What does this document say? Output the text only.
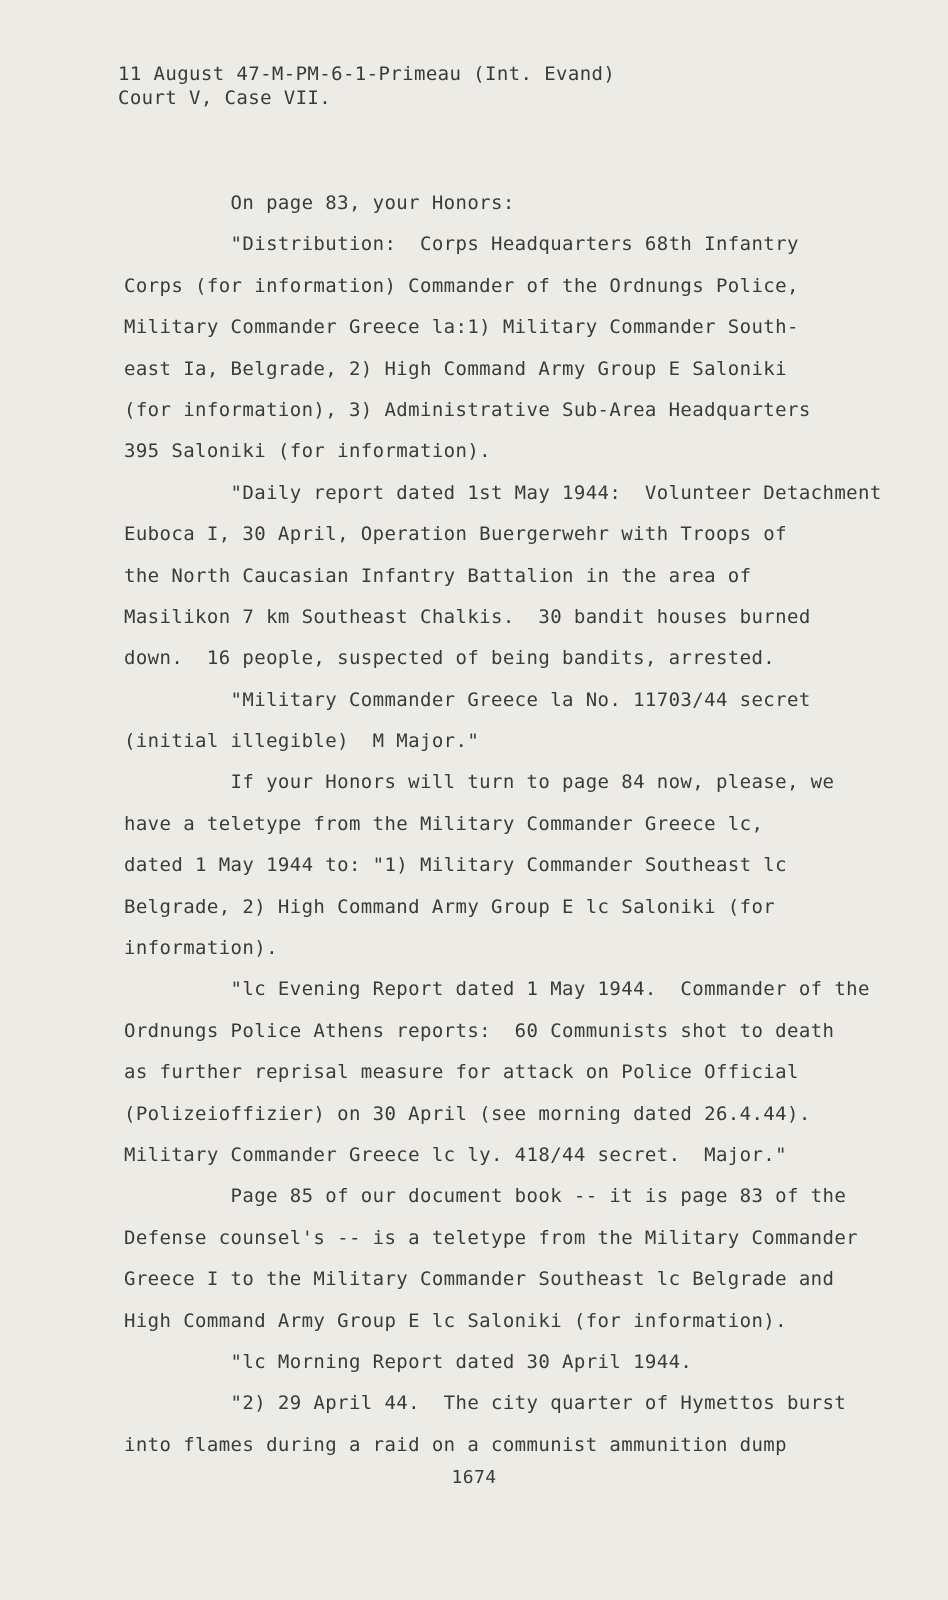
11 August 47-M-PM-6-1-Primeau (Int. Evand)
Court V, Case VII.
On page 83, your Honors:
"Distribution:  Corps Headquarters 68th Infantry
Corps (for information) Commander of the Ordnungs Police,
Military Commander Greece la:1) Military Commander South-
east Ia, Belgrade, 2) High Command Army Group E Saloniki
(for information), 3) Administrative Sub-Area Headquarters
395 Saloniki (for information).
"Daily report dated 1st May 1944:  Volunteer Detachment
Euboca I, 30 April, Operation Buergerwehr with Troops of
the North Caucasian Infantry Battalion in the area of
Masilikon 7 km Southeast Chalkis.  30 bandit houses burned
down.  16 people, suspected of being bandits, arrested.
"Military Commander Greece la No. 11703/44 secret
(initial illegible)  M Major."
If your Honors will turn to page 84 now, please, we
have a teletype from the Military Commander Greece lc,
dated 1 May 1944 to: "1) Military Commander Southeast lc
Belgrade, 2) High Command Army Group E lc Saloniki (for
information).
"lc Evening Report dated 1 May 1944.  Commander of the
Ordnungs Police Athens reports:  60 Communists shot to death
as further reprisal measure for attack on Police Official
(Polizeioffizier) on 30 April (see morning dated 26.4.44).
Military Commander Greece lc ly. 418/44 secret.  Major."
Page 85 of our document book -- it is page 83 of the
Defense counsel's -- is a teletype from the Military Commander
Greece I to the Military Commander Southeast lc Belgrade and
High Command Army Group E lc Saloniki (for information).
"lc Morning Report dated 30 April 1944.
"2) 29 April 44.  The city quarter of Hymettos burst
into flames during a raid on a communist ammunition dump
1674
